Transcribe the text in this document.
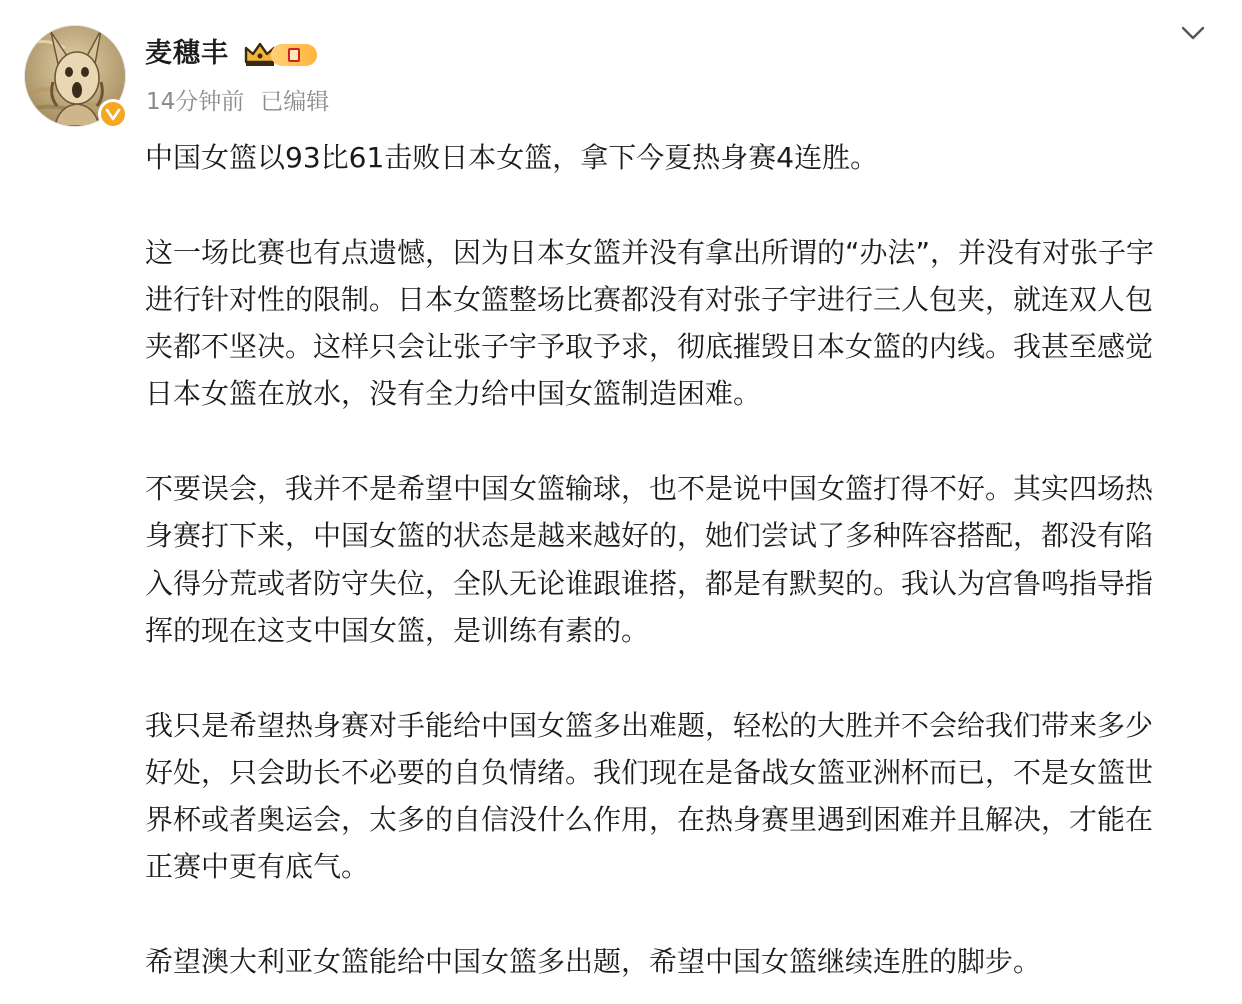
麦穗丰
14分钟前 已编辑

中国女篮以93比61击败日本女篮，拿下今夏热身赛4连胜。

这一场比赛也有点遗憾，因为日本女篮并没有拿出所谓的“办法”，并没有对张子宇
进行针对性的限制。日本女篮整场比赛都没有对张子宇进行三人包夹，就连双人包
夹都不坚决。这样只会让张子宇予取予求，彻底摧毁日本女篮的内线。我甚至感觉
日本女篮在放水，没有全力给中国女篮制造困难。

不要误会，我并不是希望中国女篮输球，也不是说中国女篮打得不好。其实四场热
身赛打下来，中国女篮的状态是越来越好的，她们尝试了多种阵容搭配，都没有陷
入得分荒或者防守失位，全队无论谁跟谁搭，都是有默契的。我认为宫鲁鸣指导指
挥的现在这支中国女篮，是训练有素的。

我只是希望热身赛对手能给中国女篮多出难题，轻松的大胜并不会给我们带来多少
好处，只会助长不必要的自负情绪。我们现在是备战女篮亚洲杯而已，不是女篮世
界杯或者奥运会，太多的自信没什么作用，在热身赛里遇到困难并且解决，才能在
正赛中更有底气。

希望澳大利亚女篮能给中国女篮多出题，希望中国女篮继续连胜的脚步。
